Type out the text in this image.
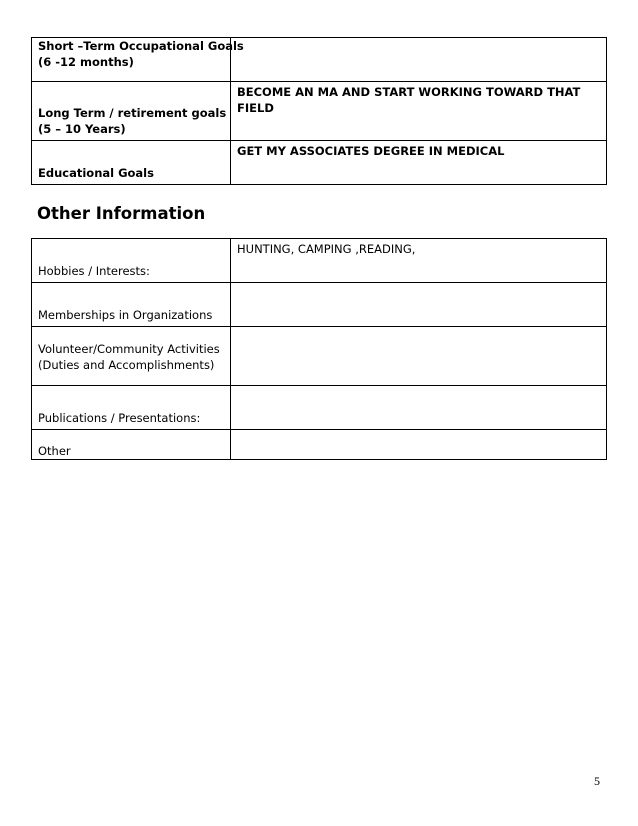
Short –Term Occupational Goals
(6 -12 months)	

Long Term / retirement goals
(5 – 10 Years)	BECOME AN MA AND START WORKING TOWARD THAT FIELD

Educational Goals	GET MY ASSOCIATES DEGREE IN MEDICAL
Other Information
Hobbies / Interests:	HUNTING, CAMPING ,READING,

Memberships in Organizations	

Volunteer/Community Activities
(Duties and Accomplishments)	

Publications / Presentations:	

Other	

5
